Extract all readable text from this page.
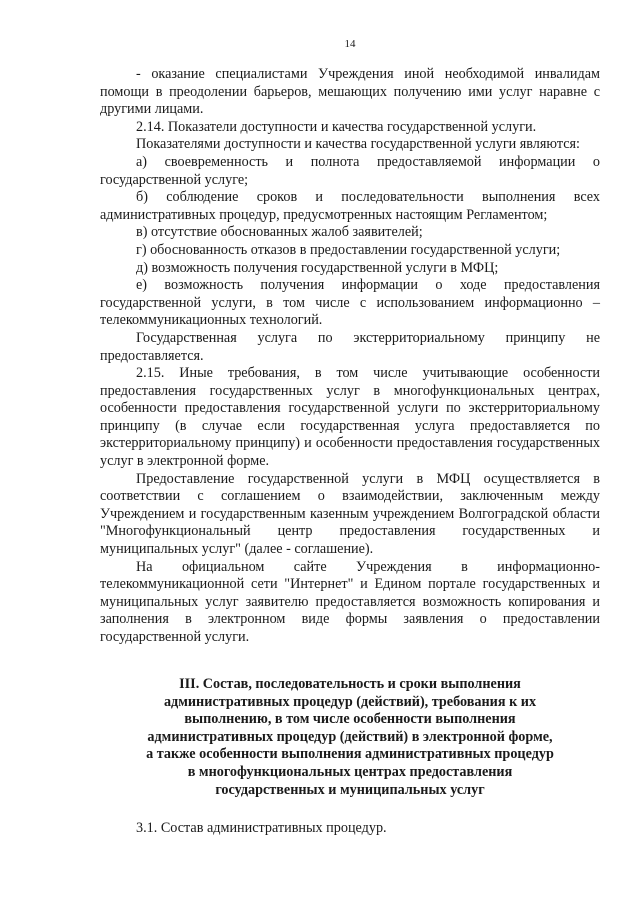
14

- оказание специалистами Учреждения иной необходимой инвалидам помощи в преодолении барьеров, мешающих получению ими услуг наравне с другими лицами.

2.14. Показатели доступности и качества государственной услуги.

Показателями доступности и качества государственной услуги являются:

а) своевременность и полнота предоставляемой информации о государственной услуге;

б) соблюдение сроков и последовательности выполнения всех административных процедур, предусмотренных настоящим Регламентом;

в) отсутствие обоснованных жалоб заявителей;

г) обоснованность отказов в предоставлении государственной услуги;

д) возможность получения государственной услуги в МФЦ;

е) возможность получения информации о ходе предоставления государственной услуги, в том числе с использованием информационно – телекоммуникационных технологий.

Государственная услуга по экстерриториальному принципу не предоставляется.

2.15. Иные требования, в том числе учитывающие особенности предоставления государственных услуг в многофункциональных центрах, особенности предоставления государственной услуги по экстерриториальному принципу (в случае если государственная услуга предоставляется по экстерриториальному принципу) и особенности предоставления государственных услуг в электронной форме.

Предоставление государственной услуги в МФЦ осуществляется в соответствии с соглашением о взаимодействии, заключенным между Учреждением и государственным казенным учреждением Волгоградской области "Многофункциональный центр предоставления государственных и муниципальных услуг" (далее - соглашение).

На официальном сайте Учреждения в информационно-телекоммуникационной сети "Интернет" и Едином портале государственных и муниципальных услуг заявителю предоставляется возможность копирования и заполнения в электронном виде формы заявления о предоставлении государственной услуги.

III. Состав, последовательность и сроки выполнения
административных процедур (действий), требования к их
выполнению, в том числе особенности выполнения
административных процедур (действий) в электронной форме,
а также особенности выполнения административных процедур
в многофункциональных центрах предоставления
государственных и муниципальных услуг
3.1. Состав административных процедур.
